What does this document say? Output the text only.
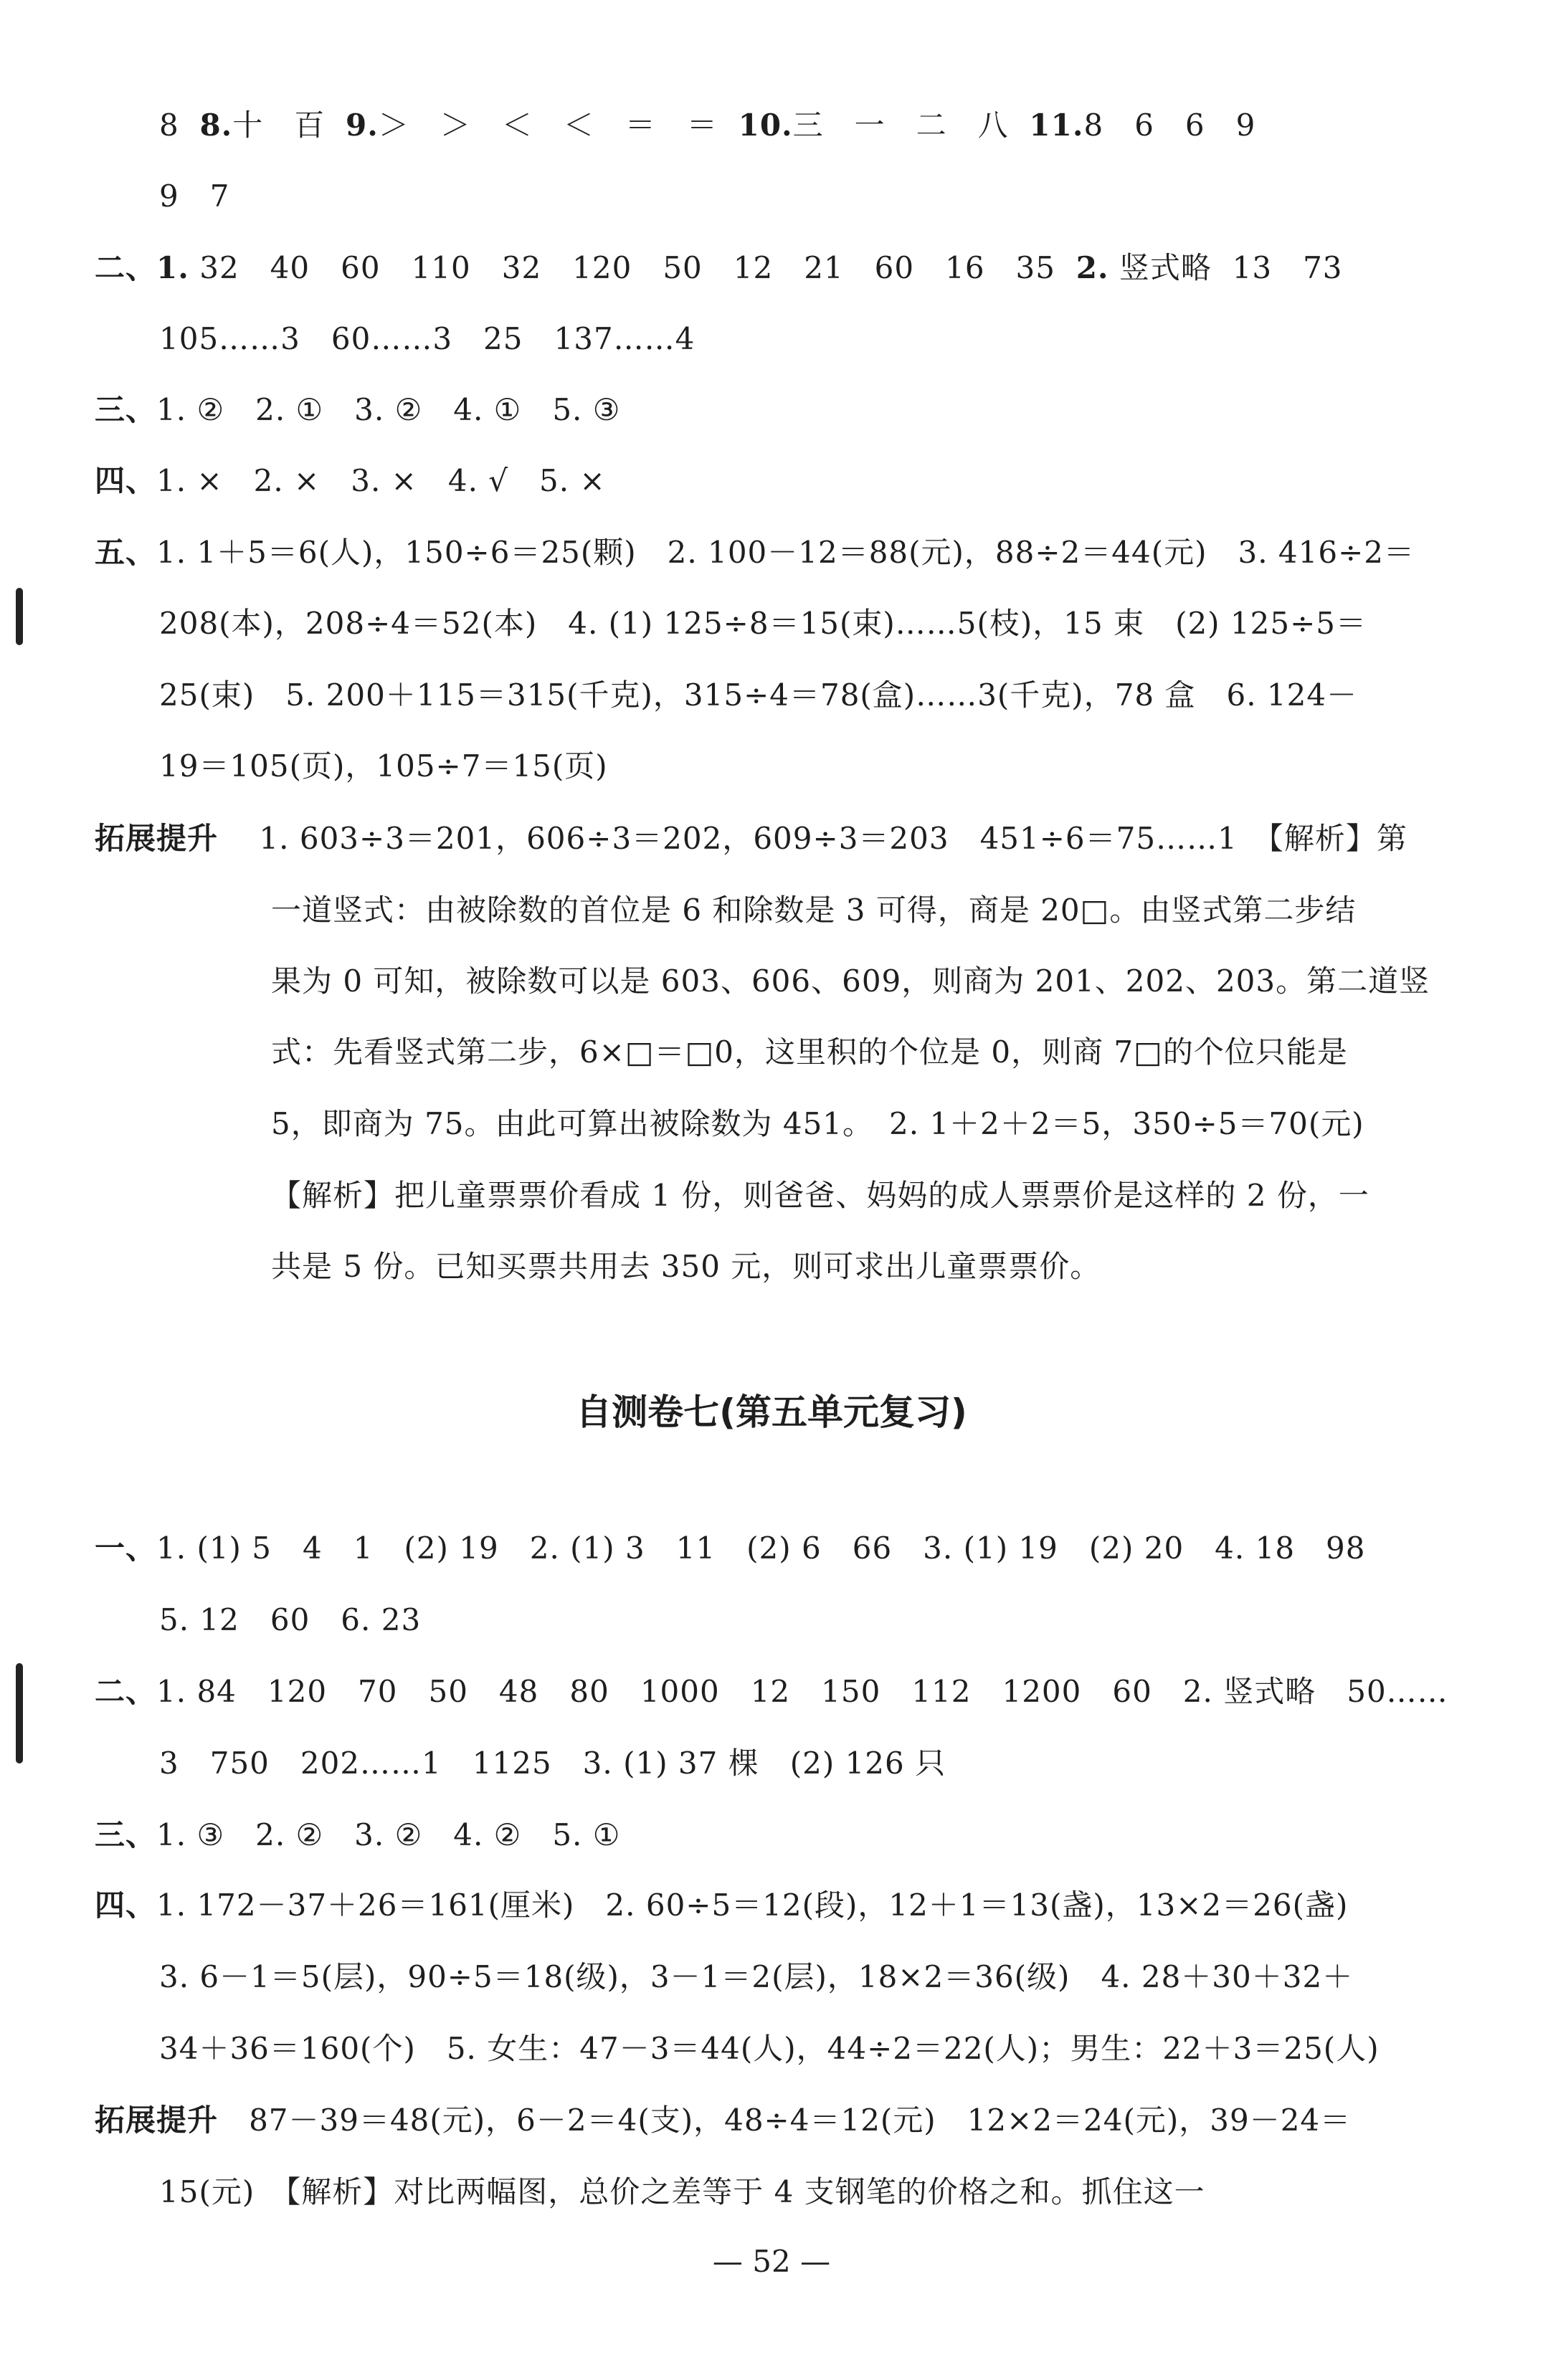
8 8.十　百 9.＞　＞　＜　＜　＝　＝ 10.三　一　二　八 11.8　6　6　9
9　7
二、1. 32　40　60　110　32　120　50　12　21　60　16　35 2. 竖式略 13　73
105……3　60……3　25　137……4
三、1. ②　2. ①　3. ②　4. ①　5. ③
四、1. ×　2. ×　3. ×　4. √　5. ×
五、1. 1＋5＝6(人)，150÷6＝25(颗)　2. 100－12＝88(元)，88÷2＝44(元)　3. 416÷2＝
208(本)，208÷4＝52(本)　4. (1) 125÷8＝15(束)……5(枝)，15 束　(2) 125÷5＝
25(束)　5. 200＋115＝315(千克)，315÷4＝78(盒)……3(千克)，78 盒　6. 124－
19＝105(页)，105÷7＝15(页)
拓展提升 1. 603÷3＝201，606÷3＝202，609÷3＝203　451÷6＝75……1　【解析】第
一道竖式：由被除数的首位是 6 和除数是 3 可得，商是 20□。由竖式第二步结
果为 0 可知，被除数可以是 603、606、609，则商为 201、202、203。第二道竖
式：先看竖式第二步，6×□＝□0，这里积的个位是 0，则商 7□的个位只能是
5，即商为 75。由此可算出被除数为 451。　2. 1＋2＋2＝5，350÷5＝70(元)
【解析】把儿童票票价看成 1 份，则爸爸、妈妈的成人票票价是这样的 2 份，一
共是 5 份。已知买票共用去 350 元，则可求出儿童票票价。
自测卷七(第五单元复习)
一、1. (1) 5　4　1　(2) 19　2. (1) 3　11　(2) 6　66　3. (1) 19　(2) 20　4. 18　98
5. 12　60　6. 23
二、1. 84　120　70　50　48　80　1000　12　150　112　1200　60　2. 竖式略　50……
3　750　202……1　1125　3. (1) 37 棵　(2) 126 只
三、1. ③　2. ②　3. ②　4. ②　5. ①
四、1. 172－37＋26＝161(厘米)　2. 60÷5＝12(段)，12＋1＝13(盏)，13×2＝26(盏)
3. 6－1＝5(层)，90÷5＝18(级)，3－1＝2(层)，18×2＝36(级)　4. 28＋30＋32＋
34＋36＝160(个)　5. 女生：47－3＝44(人)，44÷2＝22(人)；男生：22＋3＝25(人)
拓展提升 87－39＝48(元)，6－2＝4(支)，48÷4＝12(元)　12×2＝24(元)，39－24＝
15(元)　【解析】对比两幅图，总价之差等于 4 支钢笔的价格之和。抓住这一
— 52 —
